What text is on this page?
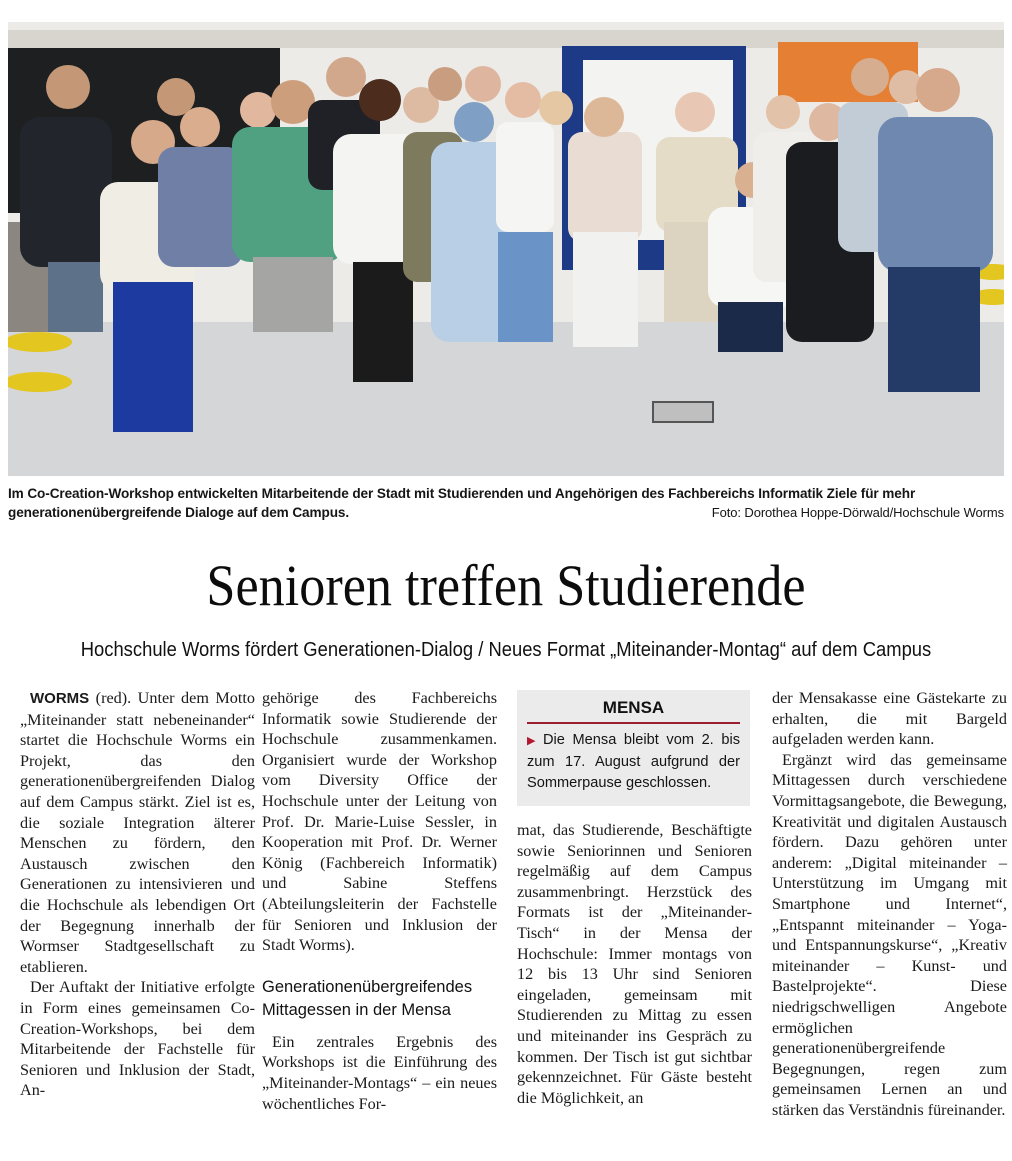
Im Co-Creation-Workshop entwickelten Mitarbeitende der Stadt mit Studierenden und Angehörigen des Fachbereichs Informatik Ziele für mehr generationenübergreifende Dialoge auf dem Campus.	Foto: Dorothea Hoppe-Dörwald/Hochschule Worms
Senioren treffen Studierende
Hochschule Worms fördert Generationen-Dialog / Neues Format „Miteinander-Montag“ auf dem Campus

WORMS (red). Unter dem Motto „Miteinander statt nebeneinander“ startet die Hochschule Worms ein Projekt, das den generationenübergreifenden Dialog auf dem Campus stärkt. Ziel ist es, die soziale Integration älterer Menschen zu fördern, den Austausch zwischen den Generationen zu intensivieren und die Hochschule als lebendigen Ort der Begegnung innerhalb der Wormser Stadtgesellschaft zu etablieren.

Der Auftakt der Initiative erfolgte in Form eines gemeinsamen Co-Creation-Workshops, bei dem Mitarbeitende der Fachstelle für Senioren und Inklusion der Stadt, An-

gehörige des Fachbereichs Informatik sowie Studierende der Hochschule zusammenkamen. Organisiert wurde der Workshop vom Diversity Office der Hochschule unter der Leitung von Prof. Dr. Marie-Luise Sessler, in Kooperation mit Prof. Dr. Werner König (Fachbereich Informatik) und Sabine Steffens (Abteilungsleiterin der Fachstelle für Senioren und Inklusion der Stadt Worms).

Generationenübergreifendes Mittagessen in der Mensa

Ein zentrales Ergebnis des Workshops ist die Einführung des „Miteinander-Montags“ – ein neues wöchentliches For-

MENSA
▶ Die Mensa bleibt vom 2. bis zum 17. August aufgrund der Sommerpause geschlossen.

mat, das Studierende, Beschäftigte sowie Seniorinnen und Senioren regelmäßig auf dem Campus zusammenbringt. Herzstück des Formats ist der „Miteinander-Tisch“ in der Mensa der Hochschule: Immer montags von 12 bis 13 Uhr sind Senioren eingeladen, gemeinsam mit Studierenden zu Mittag zu essen und miteinander ins Gespräch zu kommen. Der Tisch ist gut sichtbar gekennzeichnet. Für Gäste besteht die Möglichkeit, an

der Mensakasse eine Gästekarte zu erhalten, die mit Bargeld aufgeladen werden kann.

Ergänzt wird das gemeinsame Mittagessen durch verschiedene Vormittagsangebote, die Bewegung, Kreativität und digitalen Austausch fördern. Dazu gehören unter anderem: „Digital miteinander – Unterstützung im Umgang mit Smartphone und Internet“, „Entspannt miteinander – Yoga- und Entspannungskurse“, „Kreativ miteinander – Kunst- und Bastelprojekte“. Diese niedrigschwelligen Angebote ermöglichen generationenübergreifende Begegnungen, regen zum gemeinsamen Lernen an und stärken das Verständnis füreinander.
